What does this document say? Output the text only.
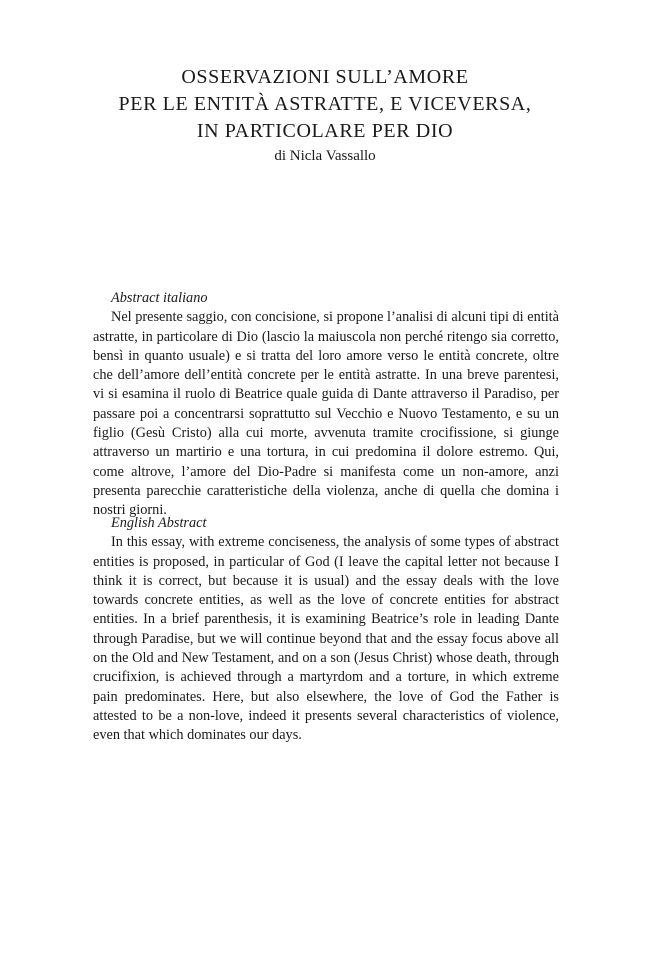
OSSERVAZIONI SULL’AMORE
PER LE ENTITÀ ASTRATTE, E VICEVERSA,
IN PARTICOLARE PER DIO
di Nicla Vassallo
Abstract italiano

Nel presente saggio, con concisione, si propone l’analisi di alcuni tipi di entità astratte, in particolare di Dio (lascio la maiuscola non perché ritengo sia corretto, bensì in quanto usuale) e si tratta del loro amore verso le entità concrete, oltre che dell’amore dell’entità concrete per le entità astratte. In una breve parentesi, vi si esamina il ruolo di Beatrice quale guida di Dante attraverso il Paradiso, per passare poi a concentrarsi soprattutto sul Vecchio e Nuovo Testamento, e su un figlio (Gesù Cristo) alla cui morte, avvenuta tramite crocifissione, si giunge attraverso un martirio e una tortura, in cui predomina il dolore estremo. Qui, come altrove, l’amore del Dio-Padre si manifesta come un non-amore, anzi presenta parecchie caratteristiche della violenza, anche di quella che domina i nostri giorni.

English Abstract

In this essay, with extreme conciseness, the analysis of some types of abstract entities is proposed, in particular of God (I leave the capital letter not because I think it is correct, but because it is usual) and the essay deals with the love towards concrete entities, as well as the love of concrete entities for abstract entities. In a brief parenthesis, it is examining Beatrice’s role in leading Dante through Paradise, but we will continue beyond that and the essay focus above all on the Old and New Testament, and on a son (Jesus Christ) whose death, through crucifixion, is achieved through a martyrdom and a torture, in which extreme pain predominates. Here, but also elsewhere, the love of God the Father is attested to be a non-love, indeed it presents several characteristics of violence, even that which dominates our days.
